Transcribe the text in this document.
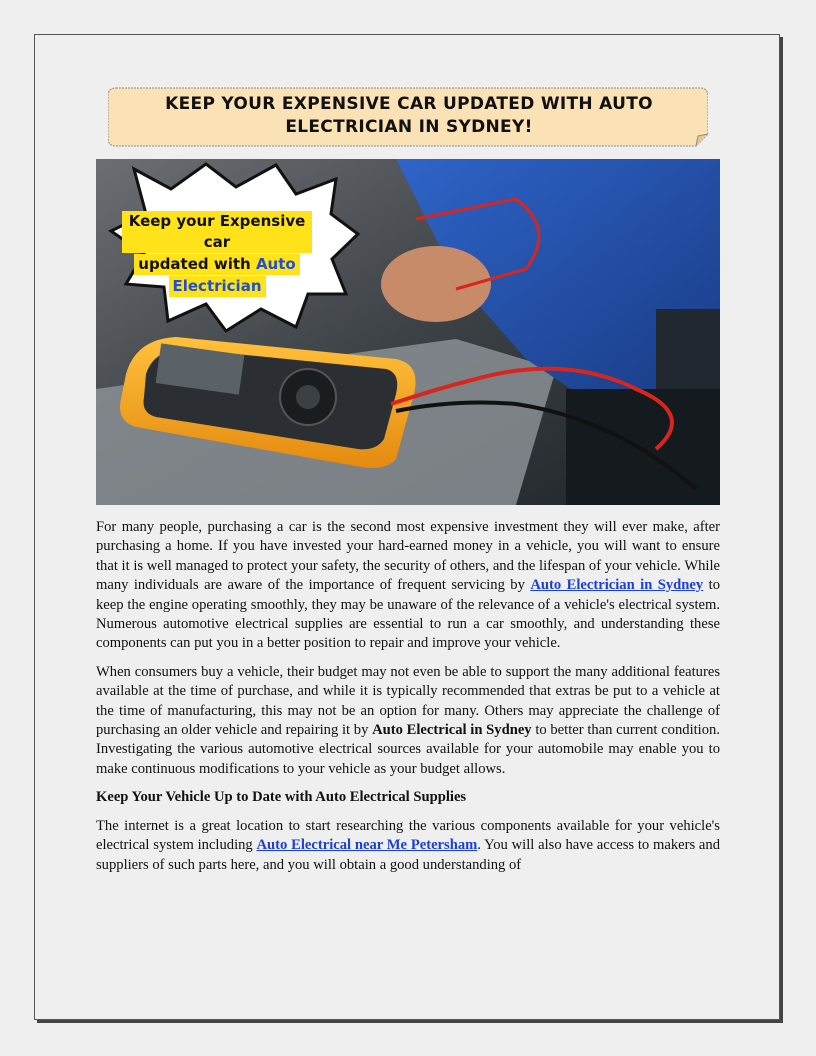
KEEP YOUR EXPENSIVE CAR UPDATED WITH AUTO ELECTRICIAN IN SYDNEY!
Keep your Expensive car
updated with Auto
Electrician

For many people, purchasing a car is the second most expensive investment they will ever make, after purchasing a home. If you have invested your hard-earned money in a vehicle, you will want to ensure that it is well managed to protect your safety, the security of others, and the lifespan of your vehicle. While many individuals are aware of the importance of frequent servicing by Auto Electrician in Sydney to keep the engine operating smoothly, they may be unaware of the relevance of a vehicle's electrical system. Numerous automotive electrical supplies are essential to run a car smoothly, and understanding these components can put you in a better position to repair and improve your vehicle.

When consumers buy a vehicle, their budget may not even be able to support the many additional features available at the time of purchase, and while it is typically recommended that extras be put to a vehicle at the time of manufacturing, this may not be an option for many. Others may appreciate the challenge of purchasing an older vehicle and repairing it by Auto Electrical in Sydney to better than current condition. Investigating the various automotive electrical sources available for your automobile may enable you to make continuous modifications to your vehicle as your budget allows.

Keep Your Vehicle Up to Date with Auto Electrical Supplies

The internet is a great location to start researching the various components available for your vehicle's electrical system including Auto Electrical near Me Petersham. You will also have access to makers and suppliers of such parts here, and you will obtain a good understanding of
